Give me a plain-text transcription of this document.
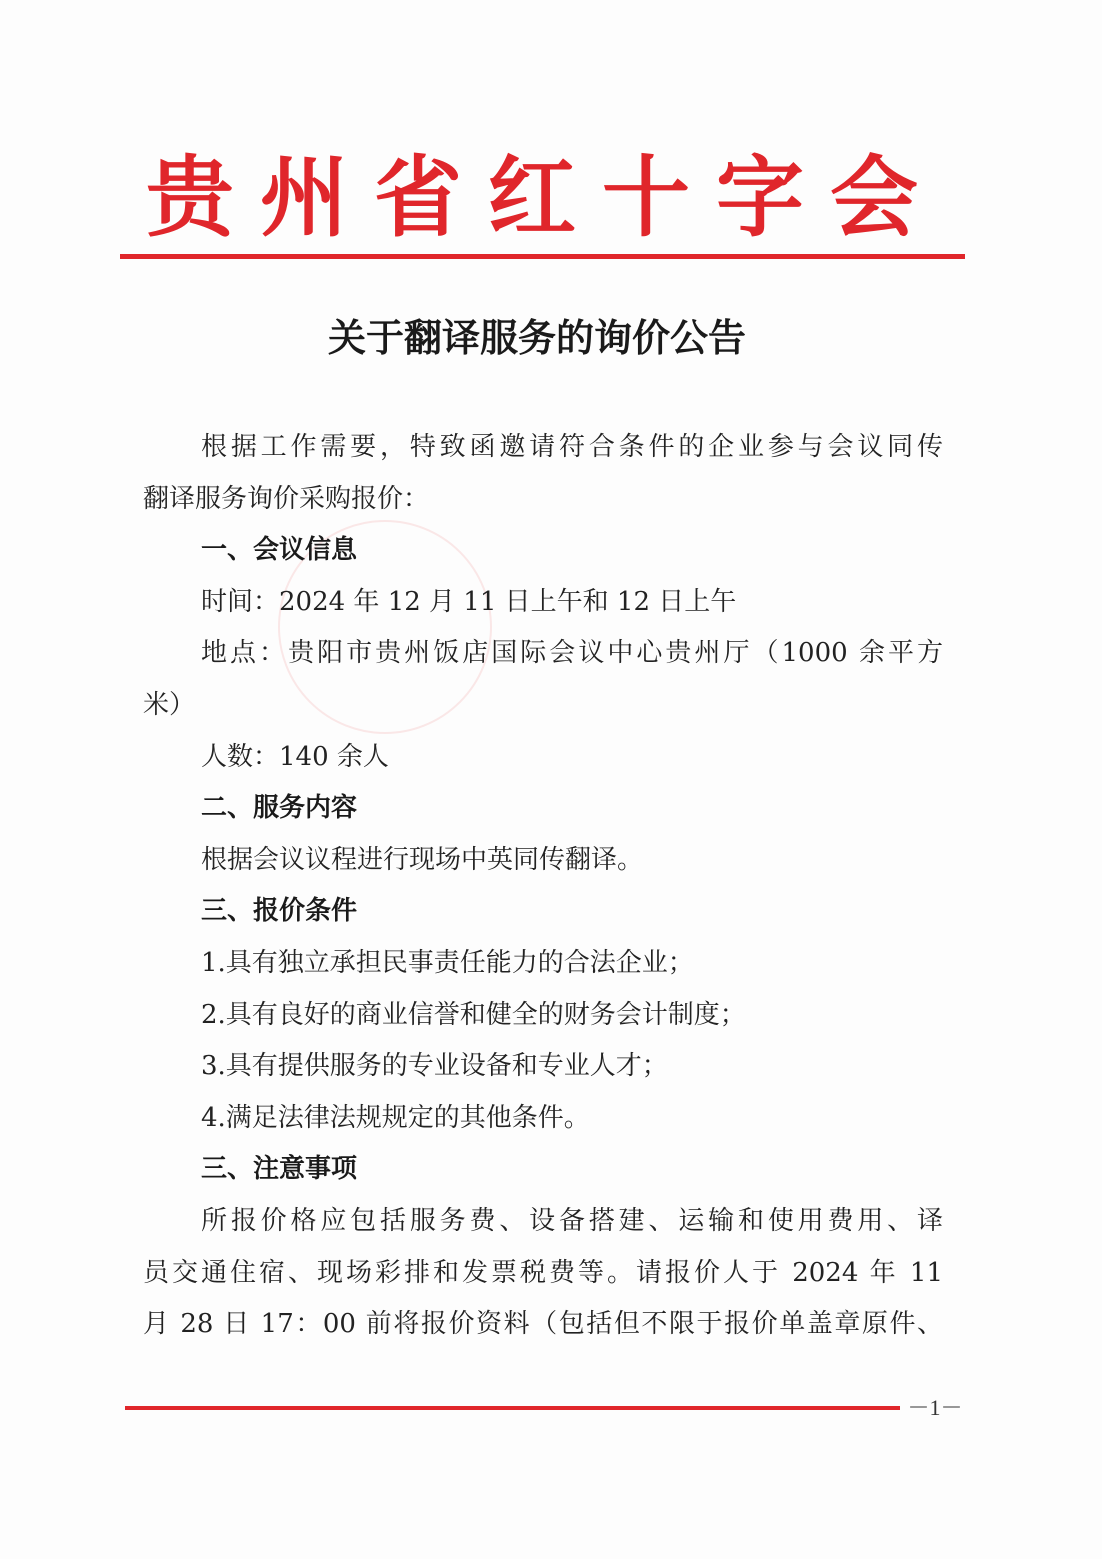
贵州省红十字会
关于翻译服务的询价公告
根据工作需要，特致函邀请符合条件的企业参与会议同传
翻译服务询价采购报价：
一、会议信息
时间：2024 年 12 月 11 日上午和 12 日上午
地点：贵阳市贵州饭店国际会议中心贵州厅（1000 余平方
米）
人数：140 余人
二、服务内容
根据会议议程进行现场中英同传翻译。
三、报价条件
1.具有独立承担民事责任能力的合法企业；
2.具有良好的商业信誉和健全的财务会计制度；
3.具有提供服务的专业设备和专业人才；
4.满足法律法规规定的其他条件。
三、注意事项
所报价格应包括服务费、设备搭建、运输和使用费用、译
员交通住宿、现场彩排和发票税费等。请报价人于 2024 年 11
月 28 日 17：00 前将报价资料（包括但不限于报价单盖章原件、
－1－
